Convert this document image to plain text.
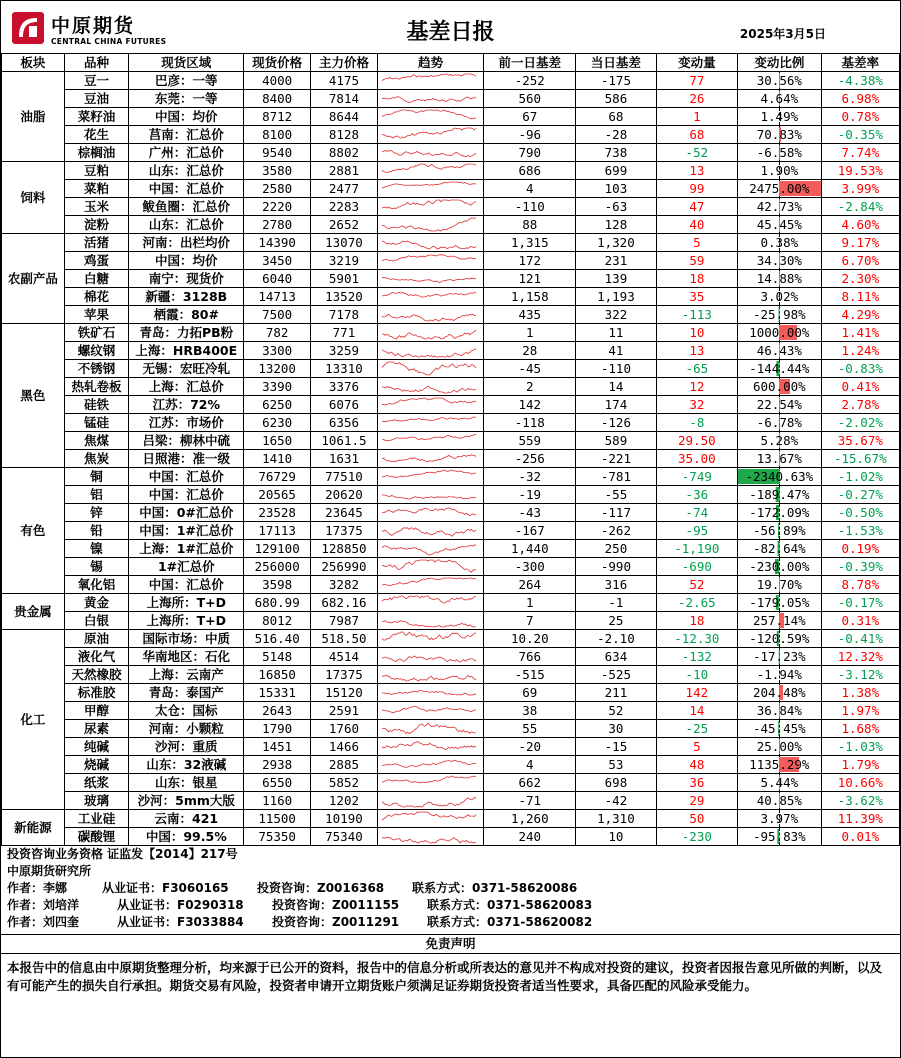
中原期货
CENTRAL CHINA FUTURES	基差日报	2025年3月5日
板块	品种	现货区域	现货价格	主力价格	趋势	前一日基差	当日基差	变动量	变动比例	基差率
油脂	豆一	巴彦：一等	4000	4175		-252	-175	77	30.56%	-4.38%
	豆油	东莞：一等	8400	7814		560	586	26	4.64%	6.98%
	菜籽油	中国：均价	8712	8644		67	68	1	1.49%	0.78%
	花生	莒南：汇总价	8100	8128		-96	-28	68	70.83%	-0.35%
	棕榈油	广州：汇总价	9540	8802		790	738	-52	-6.58%	7.74%
饲料	豆粕	山东：汇总价	3580	2881		686	699	13	1.90%	19.53%
	菜粕	中国：汇总价	2580	2477		4	103	99	2475.00%	3.99%
	玉米	鲅鱼圈：汇总价	2220	2283		-110	-63	47	42.73%	-2.84%
	淀粉	山东：汇总价	2780	2652		88	128	40	45.45%	4.60%
农副产品	活猪	河南：出栏均价	14390	13070		1,315	1,320	5	0.38%	9.17%
	鸡蛋	中国：均价	3450	3219		172	231	59	34.30%	6.70%
	白糖	南宁：现货价	6040	5901		121	139	18	14.88%	2.30%
	棉花	新疆：3128B	14713	13520		1,158	1,193	35	3.02%	8.11%
	苹果	栖霞：80#	7500	7178		435	322	-113	-25.98%	4.29%
黑色	铁矿石	青岛：力拓PB粉	782	771		1	11	10	1000.00%	1.41%
	螺纹钢	上海：HRB400E	3300	3259		28	41	13	46.43%	1.24%
	不锈钢	无锡：宏旺冷轧	13200	13310		-45	-110	-65	-144.44%	-0.83%
	热轧卷板	上海：汇总价	3390	3376		2	14	12	600.00%	0.41%
	硅铁	江苏：72%	6250	6076		142	174	32	22.54%	2.78%
	锰硅	江苏：市场价	6230	6356		-118	-126	-8	-6.78%	-2.02%
	焦煤	吕梁：柳林中硫	1650	1061.5		559	589	29.50	5.28%	35.67%
	焦炭	日照港：准一级	1410	1631		-256	-221	35.00	13.67%	-15.67%
有色	铜	中国：汇总价	76729	77510		-32	-781	-749	-2340.63%	-1.02%
	铝	中国：汇总价	20565	20620		-19	-55	-36	-189.47%	-0.27%
	锌	中国：0#汇总价	23528	23645		-43	-117	-74	-172.09%	-0.50%
	铅	中国：1#汇总价	17113	17375		-167	-262	-95	-56.89%	-1.53%
	镍	上海：1#汇总价	129100	128850		1,440	250	-1,190	-82.64%	0.19%
	锡	1#汇总价	256000	256990		-300	-990	-690	-230.00%	-0.39%
	氧化铝	中国：汇总价	3598	3282		264	316	52	19.70%	8.78%
贵金属	黄金	上海所：T+D	680.99	682.16		1	-1	-2.65	-179.05%	-0.17%
	白银	上海所：T+D	8012	7987		7	25	18	257.14%	0.31%
化工	原油	国际市场：中质	516.40	518.50		10.20	-2.10	-12.30	-120.59%	-0.41%
	液化气	华南地区：石化	5148	4514		766	634	-132	-17.23%	12.32%
	天然橡胶	上海：云南产	16850	17375		-515	-525	-10	-1.94%	-3.12%
	标准胶	青岛：泰国产	15331	15120		69	211	142	204.48%	1.38%
	甲醇	太仓：国标	2643	2591		38	52	14	36.84%	1.97%
	尿素	河南：小颗粒	1790	1760		55	30	-25	-45.45%	1.68%
	纯碱	沙河：重质	1451	1466		-20	-15	5	25.00%	-1.03%
	烧碱	山东：32液碱	2938	2885		4	53	48	1135.29%	1.79%
	纸浆	山东：银星	6550	5852		662	698	36	5.44%	10.66%
	玻璃	沙河：5mm大版	1160	1202		-71	-42	29	40.85%	-3.62%
新能源	工业硅	云南：421	11500	10190		1,260	1,310	50	3.97%	11.39%
	碳酸锂	中国：99.5%	75350	75340		240	10	-230	-95.83%	0.01%
投资咨询业务资格 证监发【2014】217号
中原期货研究所
作者：李娜	从业证书：F3060165 投资咨询：Z0016368 联系方式：0371-58620086
作者：刘培洋	从业证书：F0290318 投资咨询：Z0011155 联系方式：0371-58620083
作者：刘四奎	从业证书：F3033884 投资咨询：Z0011291 联系方式：0371-58620082
免责声明
本报告中的信息由中原期货整理分析，均来源于已公开的资料，报告中的信息分析或所表达的意见并不构成对投资的建议，投资者因报告意见所做的判断，以及有可能产生的损失自行承担。期货交易有风险，投资者申请开立期货账户须满足证券期货投资者适当性要求，具备匹配的风险承受能力。
